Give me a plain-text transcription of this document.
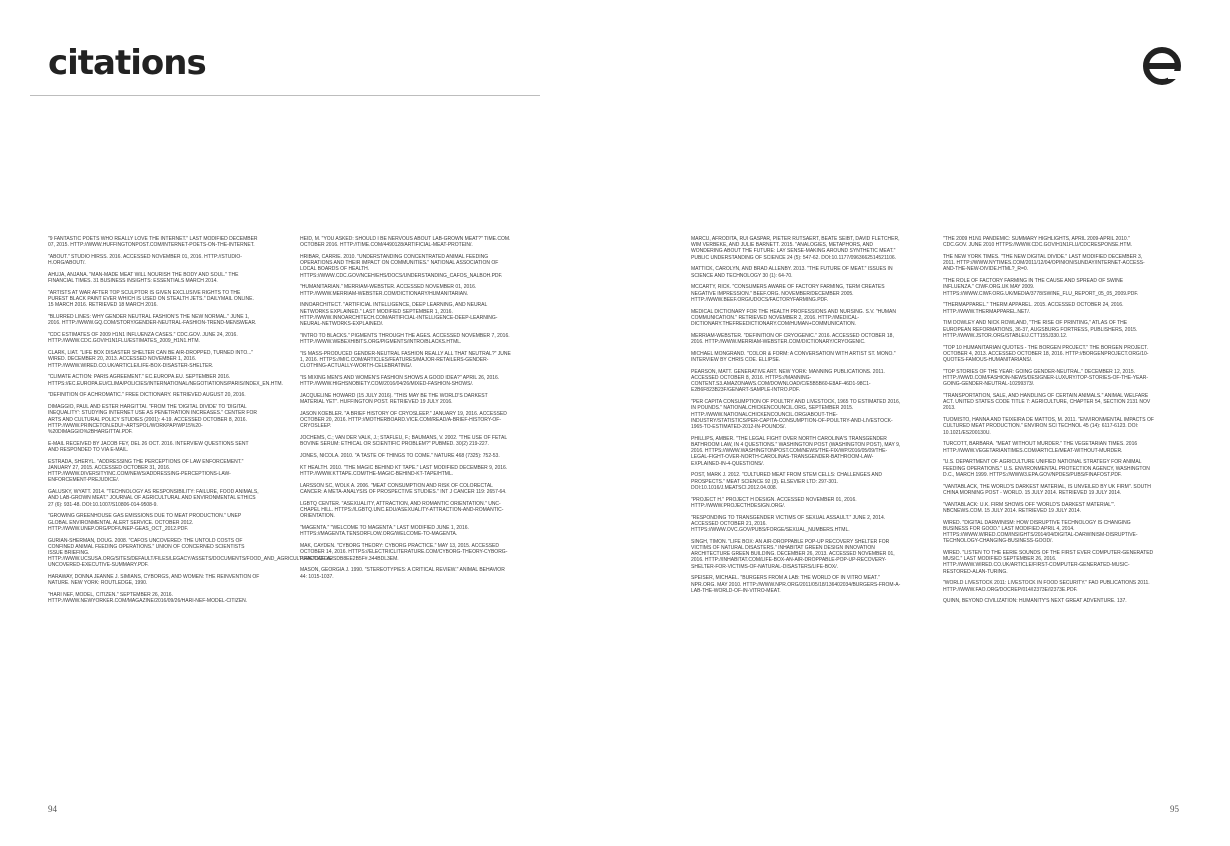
citations

"9 FANTASTIC POETS WHO REALLY LOVE THE INTERNET." LAST MODIFIED DECEMBER 07, 2015. HTTP://WWW.HUFFINGTONPOST.COM/INTERNET-POETS-ON-THE-INTERNET.

"ABOUT." STUDIO HIRSS. 2016. ACCESSED NOVEMBER 01, 2016. HTTP://STUDIO-H.ORG/ABOUT/.

AHUJA, ANJANA. "MAN-MADE MEAT WILL NOURISH THE BODY AND SOUL." THE FINANCIAL TIMES. 31 BUSINESS INSIGHTS: ESSENTIALS MARCH 2014.

"ARTISTS AT WAR AFTER TOP SCULPTOR IS GIVEN EXCLUSIVE RIGHTS TO THE PUREST BLACK PAINT EVER WHICH IS USED ON STEALTH JETS." DAILYMAIL ONLINE. 15 MARCH 2016. RETRIEVED 18 MARCH 2016.

"BLURRED LINES: WHY GENDER NEUTRAL FASHION'S THE NEW NORMAL." JUNE 1, 2016. HTTP://WWW.GQ.COM/STORY/GENDER-NEUTRAL-FASHION-TREND-MENSWEAR.

"CDC ESTIMATES OF 2009 H1N1 INFLUENZA CASES." CDC.GOV. JUNE 24, 2016. HTTP://WWW.CDC.GOV/H1N1FLU/ESTIMATES_2009_H1N1.HTM.

CLARK, LIAT. "LIFE BOX DISASTER SHELTER CAN BE AIR-DROPPED, TURNED INTO..." WIRED. DECEMBER 20, 2013. ACCESSED NOVEMBER 1, 2016. HTTP://WWW.WIRED.CO.UK/ARTICLE/LIFE-BOX-DISASTER-SHELTER.

"CLIMATE ACTION: PARIS AGREEMENT." EC.EUROPA.EU. SEPTEMBER 2016. HTTPS://EC.EUROPA.EU/CLIMA/POLICIES/INTERNATIONAL/NEGOTIATIONS/PARIS/INDEX_EN.HTM.

"DEFINITION OF ACHROMATIC." FREE DICTIONARY. RETRIEVED AUGUST 20, 2016.

DIMAGGIO, PAUL AND ESTER HARGITTAI. "FROM THE 'DIGITAL DIVIDE' TO 'DIGITAL INEQUALITY': STUDYING INTERNET USE AS PENETRATION INCREASES." CENTER FOR ARTS AND CULTURAL POLICY STUDIES (2001): 4-19. ACCESSED OCTOBER 8, 2016. HTTP://WWW.PRINCETON.EDU/~ARTSPOL/WORKPAP/WP15%20-%20DIMAGGIO%2BHARGITTAI.PDF.

E-MAIL RECEIVED BY JACOB FEY, DEL 26 OCT. 2016. INTERVIEW QUESTIONS SENT AND RESPONDED TO VIA E-MAIL.

ESTRADA, SHERYL. "ADDRESSING THE PERCEPTIONS OF LAW ENFORCEMENT." JANUARY 27, 2015. ACCESSED OCTOBER 31, 2016. HTTP://WWW.DIVERSITYINC.COM/NEWS/ADDRESSING-PERCEPTIONS-LAW-ENFORCEMENT-PREJUDICE/.

GALUSKY, WYATT. 2014. "TECHNOLOGY AS RESPONSIBILITY: FAILURE, FOOD ANIMALS, AND LAB-GROWN MEAT." JOURNAL OF AGRICULTURAL AND ENVIRONMENTAL ETHICS 27 (6): 931-48. DOI:10.1007/S10806-014-9508-9.

"GROWING GREENHOUSE GAS EMISSIONS DUE TO MEAT PRODUCTION." UNEP GLOBAL ENVIRONMENTAL ALERT SERVICE. OCTOBER 2012. HTTP://WWW.UNEP.ORG/PDF/UNEP-GEAS_OCT_2012.PDF.

GURIAN-SHERMAN, DOUG. 2008. "CAFOS UNCOVERED: THE UNTOLD COSTS OF CONFINED ANIMAL FEEDING OPERATIONS." UNION OF CONCERNED SCIENTISTS ISSUE BRIEFING. HTTP://WWW.UCSUSA.ORG/SITES/DEFAULT/FILES/LEGACY/ASSETS/DOCUMENTS/FOOD_AND_AGRICULTURE/CAFOS-UNCOVERED-EXECUTIVE-SUMMARY.PDF.

HARAWAY, DONNA JEANNE J. SIMIANS, CYBORGS, AND WOMEN: THE REINVENTION OF NATURE. NEW YORK: ROUTLEDGE, 1990.

"HARI NEF, MODEL, CITIZEN." SEPTEMBER 26, 2016. HTTP://WWW.NEWYORKER.COM/MAGAZINE/2016/09/26/HARI-NEF-MODEL-CITIZEN.

HEID, M. "YOU ASKED: SHOULD I BE NERVOUS ABOUT LAB-GROWN MEAT?" TIME.COM. OCTOBER 2016. HTTP://TIME.COM/4490128/ARTIFICIAL-MEAT-PROTEIN/.

HRIBAR, CARRIE. 2010. "UNDERSTANDING CONCENTRATED ANIMAL FEEDING OPERATIONS AND THEIR IMPACT ON COMMUNITIES." NATIONAL ASSOCIATION OF LOCAL BOARDS OF HEALTH. HTTPS://WWW.CDC.GOV/NCEH/EHS/DOCS/UNDERSTANDING_CAFOS_NALBOH.PDF.

"HUMANITARIAN." MERRIAM-WEBSTER. ACCESSED NOVEMBER 01, 2016. HTTP://WWW.MERRIAM-WEBSTER.COM/DICTIONARY/HUMANITARIAN.

INNOARCHITECT. "ARTIFICIAL INTELLIGENCE, DEEP LEARNING, AND NEURAL NETWORKS EXPLAINED." LAST MODIFIED SEPTEMBER 1, 2016. HTTP://WWW.INNOARCHITECH.COM/ARTIFICIAL-INTELLIGENCE-DEEP-LEARNING-NEURAL-NETWORKS-EXPLAINED/.

"INTRO TO BLACKS." PIGMENTS THROUGH THE AGES. ACCESSED NOVEMBER 7, 2016. HTTP://WWW.WEBEXHIBITS.ORG/PIGMENTS/INTRO/BLACKS.HTML.

"IS MASS-PRODUCED GENDER-NEUTRAL FASHION REALLY ALL THAT NEUTRAL?" JUNE 1, 2016. HTTPS://MIC.COM/ARTICLES/FEATURES/MAJOR-RETAILERS-GENDER-CLOTHING-ACTUALLY-WORTH-CELEBRATING/.

"IS MIXING MEN'S AND WOMEN'S FASHION SHOWS A GOOD IDEA?" APRIL 26, 2016. HTTP://WWW.HIGHSNOBIETY.COM/2016/04/26/MIXED-FASHION-SHOWS/.

JACQUELINE HOWARD (15 JULY 2016). "THIS MAY BE THE WORLD'S DARKEST MATERIAL YET". HUFFINGTON POST. RETRIEVED 19 JULY 2016.

JASON KOEBLER. "A BRIEF HISTORY OF CRYOSLEEP." JANUARY 19, 2016. ACCESSED OCTOBER 20, 2016. HTTP://MOTHERBOARD.VICE.COM/READ/A-BRIEF-HISTORY-OF-CRYOSLEEP.

JOCHEMS, C.; VAN DER VALK, J.; STAFLEU, F.; BAUMANS, V. 2002. "THE USE OF FETAL BOVINE SERUM: ETHICAL OR SCIENTIFIC PROBLEM?" PUBMED. 30(2) 219-227.

JONES, NICOLA. 2010. "A TASTE OF THINGS TO COME." NATURE 468 (7325): 752-53.

KT HEALTH. 2010. "THE MAGIC BEHIND KT TAPE." LAST MODIFIED DECEMBER 9, 2016. HTTP://WWW.KTTAPE.COM/THE-MAGIC-BEHIND-KT-TAPE/HTML.

LARSSON SC, WOLK A. 2006. "MEAT CONSUMPTION AND RISK OF COLORECTAL CANCER: A META-ANALYSIS OF PROSPECTIVE STUDIES." INT J CANCER 119: 2657-64.

LGBTQ CENTER. "ASEXUALITY, ATTRACTION, AND ROMANTIC ORIENTATION." UNC-CHAPEL HILL. HTTPS://LGBTQ.UNC.EDU/ASEXUALITY-ATTRACTION-AND-ROMANTIC-ORIENTATION.

"MAGENTA." "WELCOME TO MAGENTA." LAST MODIFIED JUNE 1, 2016. HTTPS://MAGENTA.TENSORFLOW.ORG/WELCOME-TO-MAGENTA.

MAK, CAYDEN. "CYBORG THEORY: CYBORG PRACTICE." MAY 13, 2015. ACCESSED OCTOBER 14, 2016. HTTPS://ELECTRICLITERATURE.COM/CYBORG-THEORY-CYBORG-PRACTICE-A2SDB8EE2B5F#.344BDL3EM.

MASON, GEORGIA J. 1990. "STEREOTYPIES: A CRITICAL REVIEW." ANIMAL BEHAVIOR 44: 1015-1037.

MARCU, AFRODITA, RUI GASPAR, PIETER RUTSAERT, BEATE SEIBT, DAVID FLETCHER, WIM VERBEKE, AND JULIE BARNETT. 2015. "ANALOGIES, METAPHORS, AND WONDERING ABOUT THE FUTURE: LAY SENSE-MAKING AROUND SYNTHETIC MEAT." PUBLIC UNDERSTANDING OF SCIENCE 24 (5): 547-62. DOI:10.1177/0963662514521106.

MATTICK, CAROLYN, AND BRAD ALLENBY. 2013. "THE FUTURE OF MEAT." ISSUES IN SCIENCE AND TECHNOLOGY 30 (1): 64-70.

MCCARTY, RICK. "CONSUMERS AWARE OF FACTORY FARMING, TERM CREATES NEGATIVE IMPRESSION." BEEF.ORG. NOVEMBER/DECEMBER 2005. HTTP://WWW.BEEF.ORG/UDOCS/FACTORYFARMING.PDF.

MEDICAL DICTIONARY FOR THE HEALTH PROFESSIONS AND NURSING. S.V. "HUMAN COMMUNICATION." RETRIEVED NOVEMBER 2, 2016. HTTP://MEDICAL-DICTIONARY.THEFREEDICTIONARY.COM/HUMAN+COMMUNICATION.

MERRIAM-WEBSTER. "DEFINITION OF CRYOGENIC." 2016. ACCESSED OCTOBER 18, 2016. HTTP://WWW.MERRIAM-WEBSTER.COM/DICTIONARY/CRYOGENIC.

MICHAEL MONGRAND. "COLOR & FORM: A CONVERSATION WITH ARTIST ST. MONO." INTERVIEW BY CHRIS COE. ELLIPSE.

PEARSON, MATT. GENERATIVE ART. NEW YORK: MANNING PUBLICATIONS. 2011. ACCESSED OCTOBER 8, 2016. HTTPS://MANNING-CONTENT.S3.AMAZONAWS.COM/DOWNLOAD/C/E5B5B60-E8AF-46D1-98C1-E2B6F823B23F/GENART-SAMPLE-INTRO.PDF.

"PER CAPITA CONSUMPTION OF POULTRY AND LIVESTOCK, 1965 TO ESTIMATED 2016, IN POUNDS." NATIONALCHICKENCOUNCIL.ORG, SEPTEMBER 2015. HTTP://WWW.NATIONALCHICKENCOUNCIL.ORG/ABOUT-THE-INDUSTRY/STATISTICS/PER-CAPITA-CONSUMPTION-OF-POULTRY-AND-LIVESTOCK-1965-TO-ESTIMATED-2012-IN-POUNDS/.

PHILLIPS, AMBER. "THE LEGAL FIGHT OVER NORTH CAROLINA'S TRANSGENDER BATHROOM LAW, IN 4 QUESTIONS." WASHINGTON POST (WASHINGTON POST), MAY 9, 2016. HTTPS://WWW.WASHINGTONPOST.COM/NEWS/THE-FIX/WP/2016/05/09/THE-LEGAL-FIGHT-OVER-NORTH-CAROLINAS-TRANSGENDER-BATHROOM-LAW-EXPLAINED-IN-4-QUESTIONS/.

POST, MARK J. 2012. "CULTURED MEAT FROM STEM CELLS: CHALLENGES AND PROSPECTS." MEAT SCIENCE 92 (3). ELSEVIER LTD: 297-301. DOI:10.1016/J.MEATSCI.2012.04.008.

"PROJECT H." PROJECT H DESIGN. ACCESSED NOVEMBER 01, 2016. HTTP://WWW.PROJECTHDESIGN.ORG/.

"RESPONDING TO TRANSGENDER VICTIMS OF SEXUAL ASSAULT." JUNE 2, 2014. ACCESSED OCTOBER 21, 2016. HTTPS://WWW.OVC.GOV/PUBS/FORGE/SEXUAL_NUMBERS.HTML.

SINGH, TIMON. "LIFE BOX: AN AIR-DROPPABLE POP-UP RECOVERY SHELTER FOR VICTIMS OF NATURAL DISASTERS." INHABITAT GREEN DESIGN INNOVATION ARCHITECTURE GREEN BUILDING. DECEMBER 26, 2013. ACCESSED NOVEMBER 01, 2016. HTTP://INHABITAT.COM/LIFE-BOX-AN-AIR-DROPPABLE-POP-UP-RECOVERY-SHELTER-FOR-VICTIMS-OF-NATURAL-DISASTERS/LIFE-BOX/.

SPEISER, MICHAEL. "BURGERS FROM A LAB: THE WORLD OF IN VITRO MEAT." NPR.ORG. MAY 2010. HTTP://WWW.NPR.ORG/2011/05/18/136402034/BURGERS-FROM-A-LAB-THE-WORLD-OF-IN-VITRO-MEAT.

"THE 2009 H1N1 PANDEMIC: SUMMARY HIGHLIGHTS, APRIL 2009-APRIL 2010." CDC.GOV. JUNE 2010 HTTPS://WWW.CDC.GOV/H1N1FLU/CDCRESPONSE.HTM.

THE NEW YORK TIMES. "THE NEW DIGITAL DIVIDE." LAST MODIFIED DECEMBER 3, 2011. HTTP://WWW.NYTIMES.COM/2011/12/04/OPINION/SUNDAY/INTERNET-ACCESS-AND-THE-NEW-DIVIDE.HTML?_R=0.

"THE ROLE OF FACTORY FARMING IN THE CAUSE AND SPREAD OF SWINE INFLUENZA." CIWF.ORG.UK MAY 2009. HTTPS://WWW.CIWF.ORG.UK/MEDIA/3778/SWINE_FLU_REPORT_05_05_2009.PDF.

"THERMAPPAREL." THERM APPAREL. 2015. ACCESSED OCTOBER 24, 2016. HTTP://WWW.THERMAPPAREL.NET/.

TIM DOWLEY AND NICK ROWLAND, "THE RISE OF PRINTING," ATLAS OF THE EUROPEAN REFORMATIONS, 36-37, AUGSBURG FORTRESS, PUBLISHERS, 2015. HTTP://WWW.JSTOR.ORG/STABLE/J.CTT155J330.12.

"TOP 10 HUMANITARIAN QUOTES - THE BORGEN PROJECT." THE BORGEN PROJECT. OCTOBER 4, 2013. ACCESSED OCTOBER 18, 2016. HTTP://BORGENPROJECT.ORG/10-QUOTES-FAMOUS-HUMANITARIANS/.

"TOP STORIES OF THE YEAR: GOING GENDER-NEUTRAL." DECEMBER 12, 2015. HTTP://WWD.COM/FASHION-NEWS/DESIGNER-LUXURY/TOP-STORIES-OF-THE-YEAR-GOING-GENDER-NEUTRAL-10299373/.

"TRANSPORTATION, SALE, AND HANDLING OF CERTAIN ANIMALS." ANIMAL WELFARE ACT. UNITED STATES CODE TITLE 7: AGRICULTURE, CHAPTER 54, SECTION 2131 NOV 2013.

TUOMISTO, HANNA AND TEIXEIRA DE MATTOS, M. 2011. "ENVIRONMENTAL IMPACTS OF CULTURED MEAT PRODUCTION." ENVIRON SCI TECHNOL 45 (14): 6117-6123. DOI: 10.1021/ES200130U.

TURCOTT, BARBARA. "MEAT WITHOUT MURDER." THE VEGETARIAN TIMES. 2016 HTTP://WWW.VEGETARIANTIMES.COM/ARTICLE/MEAT-WITHOUT-MURDER.

"U.S. DEPARTMENT OF AGRICULTURE UNIFIED NATIONAL STRATEGY FOR ANIMAL FEEDING OPERATIONS." U.S. ENVIRONMENTAL PROTECTION AGENCY, WASHINGTON D.C., MARCH 1999. HTTPS://WWW3.EPA.GOV/NPDES/PUBS/FINAFOST.PDF.

"VANTABLACK, THE WORLD'S DARKEST MATERIAL, IS UNVEILED BY UK FIRM". SOUTH CHINA MORNING POST - WORLD. 15 JULY 2014. RETRIEVED 19 JULY 2014.

"VANTABLACK: U.K. FIRM SHOWS OFF 'WORLD'S DARKEST MATERIAL'". NBCNEWS.COM. 15 JULY 2014. RETRIEVED 19 JULY 2014.

WIRED. "DIGITAL DARWINISM: HOW DISRUPTIVE TECHNOLOGY IS CHANGING BUSINESS FOR GOOD." LAST MODIFIED APRIL 4, 2014. HTTPS://WWW.WIRED.COM/INSIGHTS/2014/04/DIGITAL-DARWINISM-DISRUPTIVE-TECHNOLOGY-CHANGING-BUSINESS-GOOD/.

WIRED. "LISTEN TO THE EERIE SOUNDS OF THE FIRST EVER COMPUTER-GENERATED MUSIC." LAST MODIFIED SEPTEMBER 26, 2016. HTTP://WWW.WIRED.CO.UK/ARTICLE/FIRST-COMPUTER-GENERATED-MUSIC-RESTORED-ALAN-TURING.

"WORLD LIVESTOCK 2011: LIVESTOCK IN FOOD SECURITY." FAO PUBLICATIONS 2011. HTTP://WWW.FAO.ORG/DOCREP/014/I2373E/I2373E.PDF.

QUINN, BEYOND CIVILIZATION: HUMANITY'S NEXT GREAT ADVENTURE. 137.

94	95
